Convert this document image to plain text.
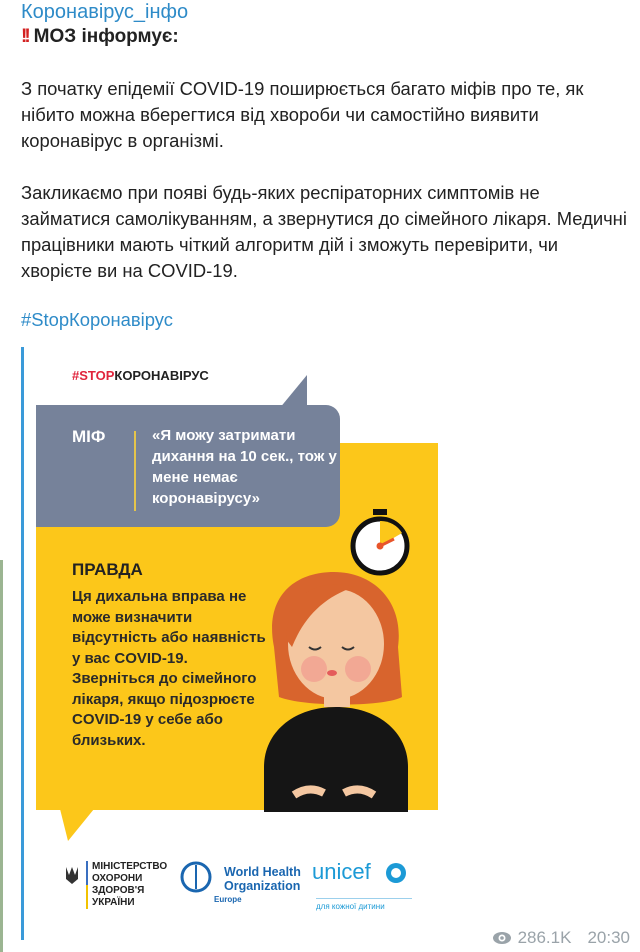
Коронавірус_інфо
!! МОЗ інформує:
З початку епідемії COVID-19 поширюється багато міфів про те, як нібито можна вберегтися від хвороби чи самостійно виявити коронавірус в організмі.
Закликаємо при появі будь-яких респіраторних симптомів не займатися самолікуванням, а звернутися до сімейного лікаря. Медичні працівники мають чіткий алгоритм дій і зможуть перевірити, чи хворієте ви на COVID-19.
#StopКоронавірус
#STOPКОРОНАВІРУС
МІФ	«Я можу затримати дихання на 10 сек., тож у мене немає коронавірусу»
ПРАВДА
Ця дихальна вправа не може визначити відсутність або наявність у вас COVID-19. Зверніться до сімейного лікаря, якщо підозрюєте COVID-19 у себе або близьких.
МІНІСТЕРСТВО ОХОРОНИ ЗДОРОВ'Я УКРАЇНИ
World Health Organization
Europe
unicef
для кожної дитини
286.1K 20:30
